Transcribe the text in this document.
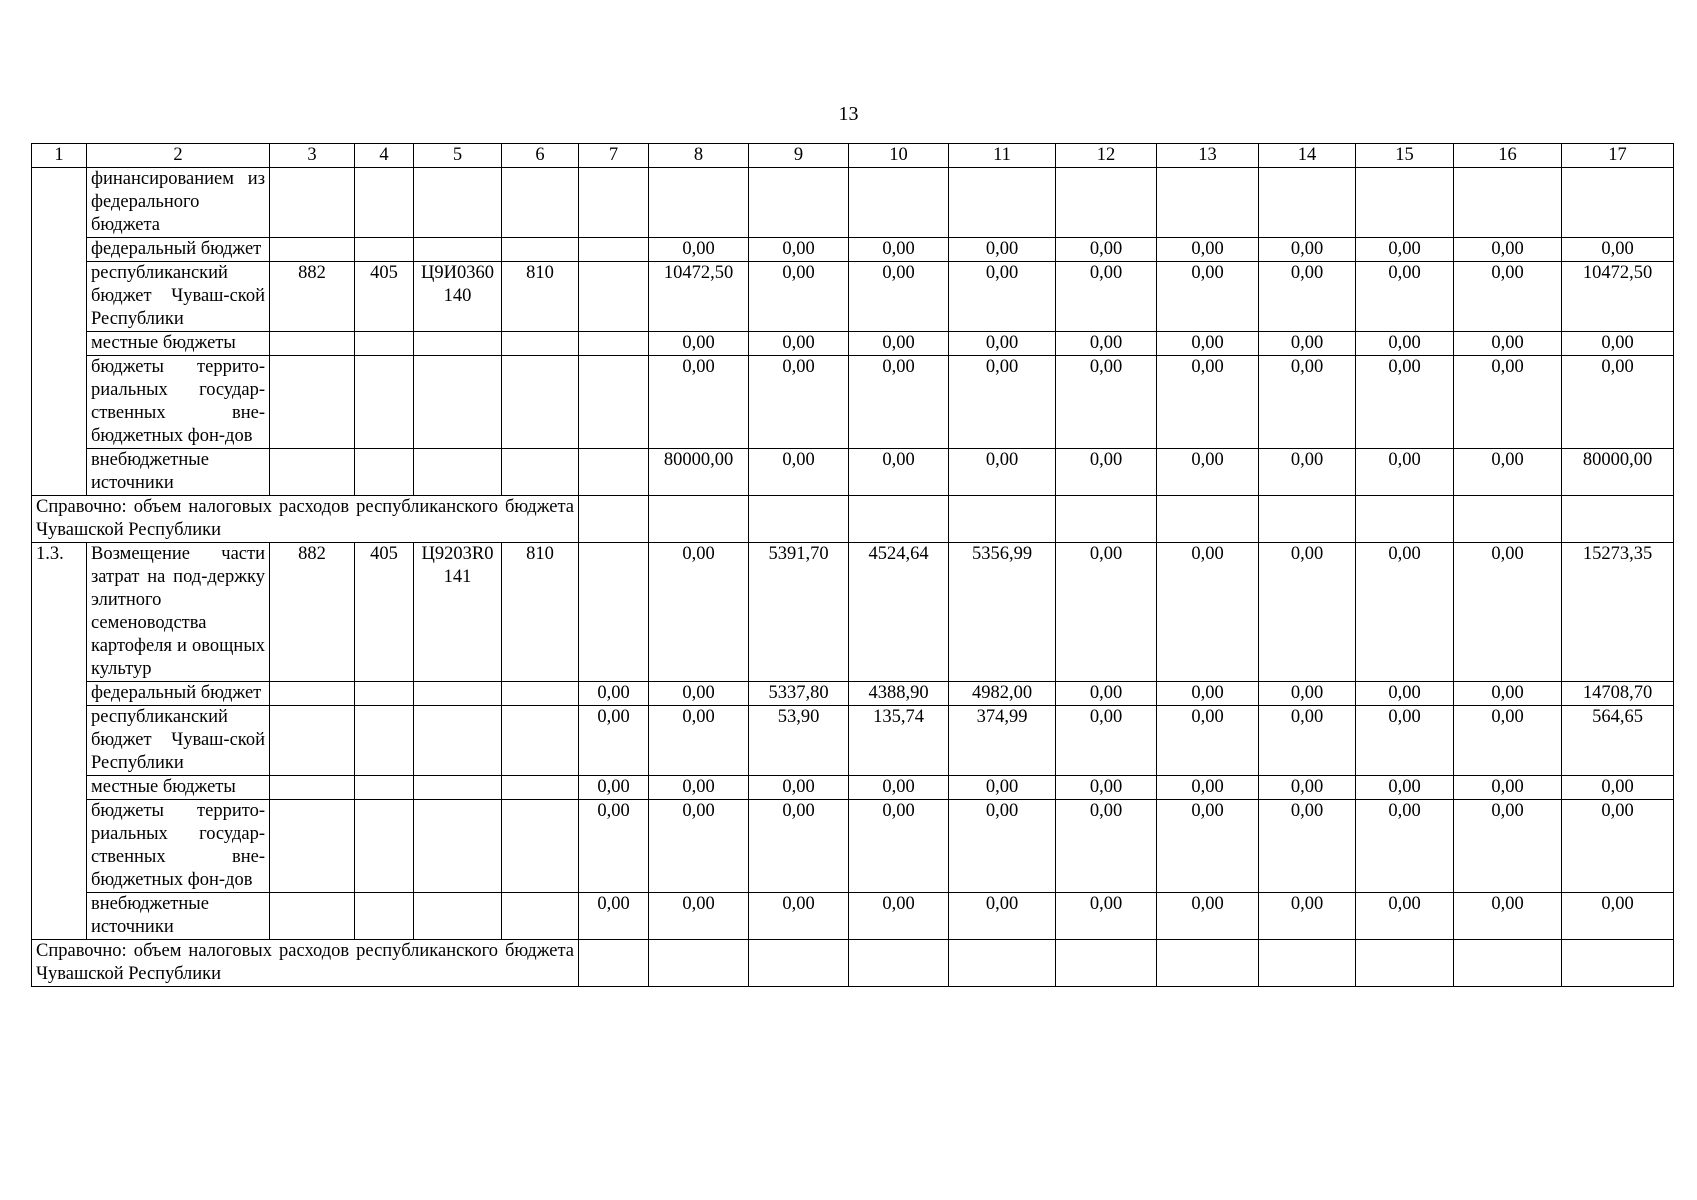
13
1	2	3	4	5	6	7	8	9	10	11	12	13	14	15	16	17
	финансированием из федерального бюджета															
	федеральный бюджет						0,00	0,00	0,00	0,00	0,00	0,00	0,00	0,00	0,00	0,00
	республиканский бюджет Чуваш-ской Республики	882	405	Ц9И0360 140	810		10472,50	0,00	0,00	0,00	0,00	0,00	0,00	0,00	0,00	10472,50
	местные бюджеты						0,00	0,00	0,00	0,00	0,00	0,00	0,00	0,00	0,00	0,00
	бюджеты террито-риальных государ-ственных вне-бюджетных фон-дов						0,00	0,00	0,00	0,00	0,00	0,00	0,00	0,00	0,00	0,00
	внебюджетные источники						80000,00	0,00	0,00	0,00	0,00	0,00	0,00	0,00	0,00	80000,00
Справочно: объем налоговых расходов республиканского бюджета Чувашской Республики																
1.3.	Возмещение части затрат на под-держку элитного семеноводства картофеля и овощных культур	882	405	Ц9203R0 141	810		0,00	5391,70	4524,64	5356,99	0,00	0,00	0,00	0,00	0,00	15273,35
	федеральный бюджет					0,00	0,00	5337,80	4388,90	4982,00	0,00	0,00	0,00	0,00	0,00	14708,70
	республиканский бюджет Чуваш-ской Республики					0,00	0,00	53,90	135,74	374,99	0,00	0,00	0,00	0,00	0,00	564,65
	местные бюджеты					0,00	0,00	0,00	0,00	0,00	0,00	0,00	0,00	0,00	0,00	0,00
	бюджеты террито-риальных государ-ственных вне-бюджетных фон-дов					0,00	0,00	0,00	0,00	0,00	0,00	0,00	0,00	0,00	0,00	0,00
	внебюджетные источники					0,00	0,00	0,00	0,00	0,00	0,00	0,00	0,00	0,00	0,00	0,00
Справочно: объем налоговых расходов республиканского бюджета Чувашской Республики																
